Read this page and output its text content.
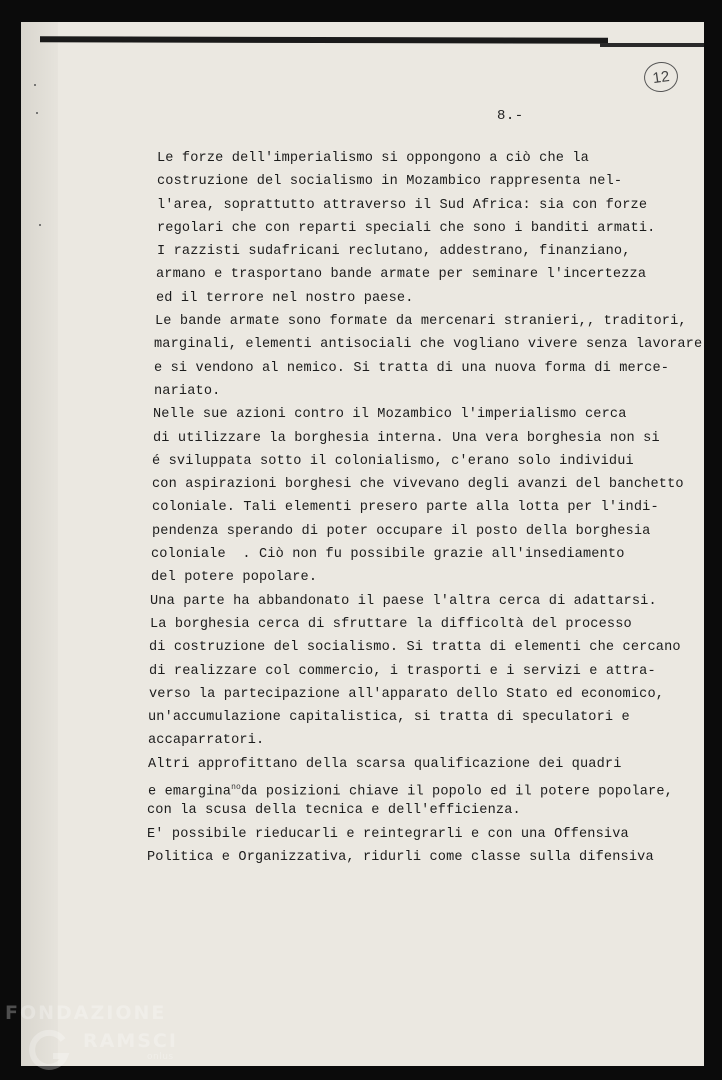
8.-
12
Le forze dell'imperialismo si oppongono a ciò che la
costruzione del socialismo in Mozambico rappresenta nel-
l'area, soprattutto attraverso il Sud Africa: sia con forze
regolari che con reparti speciali che sono i banditi armati.
I razzisti sudafricani reclutano, addestrano, finanziano,
armano e trasportano bande armate per seminare l'incertezza
ed il terrore nel nostro paese.
Le bande armate sono formate da mercenari stranieri,, traditori,
marginali, elementi antisociali che vogliano vivere senza lavorare
e si vendono al nemico. Si tratta di una nuova forma di merce-
nariato.
Nelle sue azioni contro il Mozambico l'imperialismo cerca
di utilizzare la borghesia interna. Una vera borghesia non si
é sviluppata sotto il colonialismo, c'erano solo individui
con aspirazioni borghesi che vivevano degli avanzi del banchetto
coloniale. Tali elementi presero parte alla lotta per l'indi-
pendenza sperando di poter occupare il posto della borghesia
coloniale  . Ciò non fu possibile grazie all'insediamento
del potere popolare.
Una parte ha abbandonato il paese l'altra cerca di adattarsi.
La borghesia cerca di sfruttare la difficoltà del processo
di costruzione del socialismo. Si tratta di elementi che cercano
di realizzare col commercio, i trasporti e i servizi e attra-
verso la partecipazione all'apparato dello Stato ed economico,
un'accumulazione capitalistica, si tratta di speculatori e
accaparratori.
Altri approfittano della scarsa qualificazione dei quadri
e emargina$^{no}$da posizioni chiave il popolo ed il potere popolare,
con la scusa della tecnica e dell'efficienza.
E' possibile rieducarli e reintegrarli e con una Offensiva
Politica e Organizzativa, ridurli come classe sulla difensiva
FONDAZIONE
RAMSCI
onlus
